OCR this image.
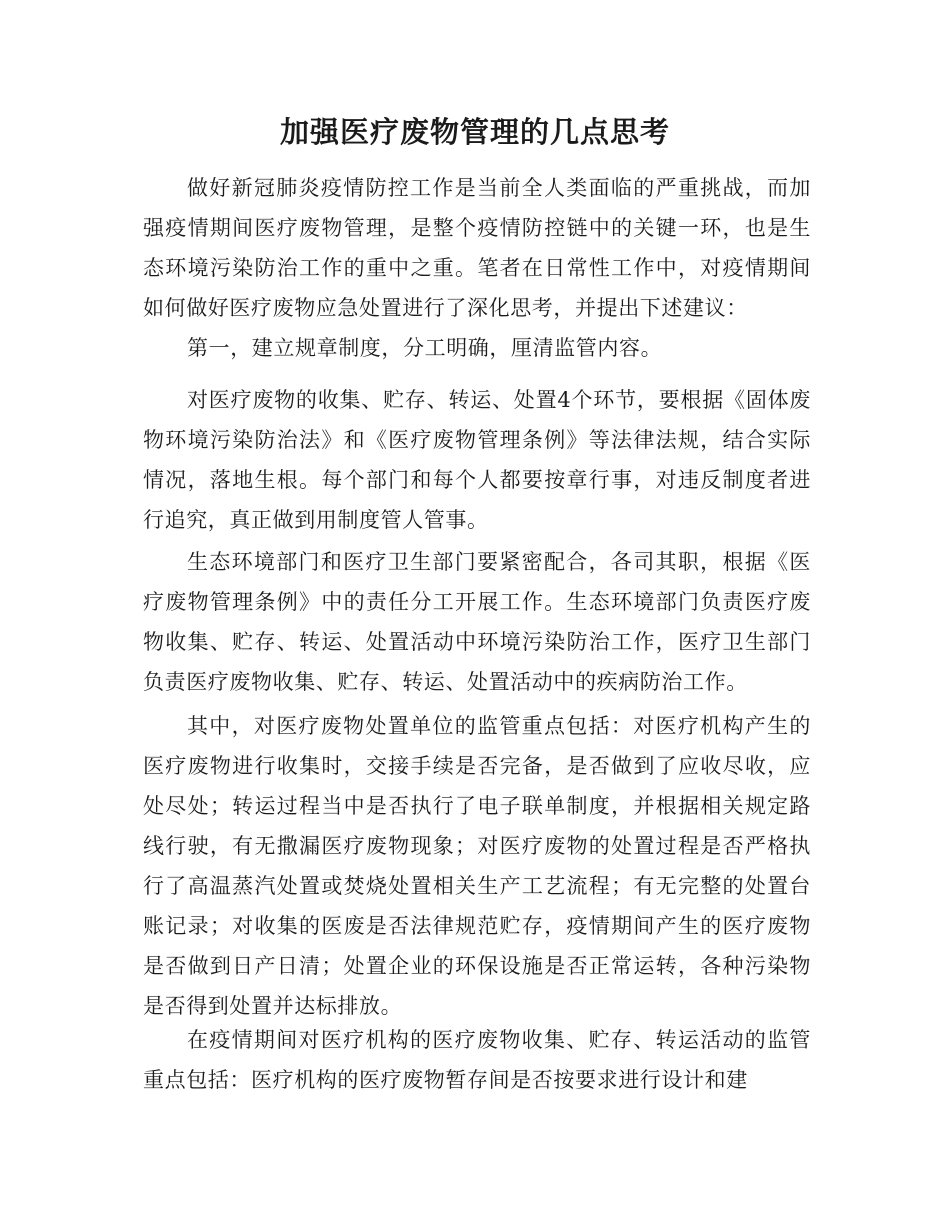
加强医疗废物管理的几点思考

做好新冠肺炎疫情防控工作是当前全人类面临的严重挑战，而加强疫情期间医疗废物管理，是整个疫情防控链中的关键一环，也是生态环境污染防治工作的重中之重。笔者在日常性工作中，对疫情期间如何做好医疗废物应急处置进行了深化思考，并提出下述建议：

第一，建立规章制度，分工明确，厘清监管内容。

对医疗废物的收集、贮存、转运、处置4个环节，要根据《固体废物环境污染防治法》和《医疗废物管理条例》等法律法规，结合实际情况，落地生根。每个部门和每个人都要按章行事，对违反制度者进行追究，真正做到用制度管人管事。

生态环境部门和医疗卫生部门要紧密配合，各司其职，根据《医疗废物管理条例》中的责任分工开展工作。生态环境部门负责医疗废物收集、贮存、转运、处置活动中环境污染防治工作，医疗卫生部门负责医疗废物收集、贮存、转运、处置活动中的疾病防治工作。

其中，对医疗废物处置单位的监管重点包括：对医疗机构产生的医疗废物进行收集时，交接手续是否完备，是否做到了应收尽收，应处尽处；转运过程当中是否执行了电子联单制度，并根据相关规定路线行驶，有无撒漏医疗废物现象；对医疗废物的处置过程是否严格执行了高温蒸汽处置或焚烧处置相关生产工艺流程；有无完整的处置台账记录；对收集的医废是否法律规范贮存，疫情期间产生的医疗废物是否做到日产日清；处置企业的环保设施是否正常运转，各种污染物是否得到处置并达标排放。

在疫情期间对医疗机构的医疗废物收集、贮存、转运活动的监管重点包括：医疗机构的医疗废物暂存间是否按要求进行设计和建
